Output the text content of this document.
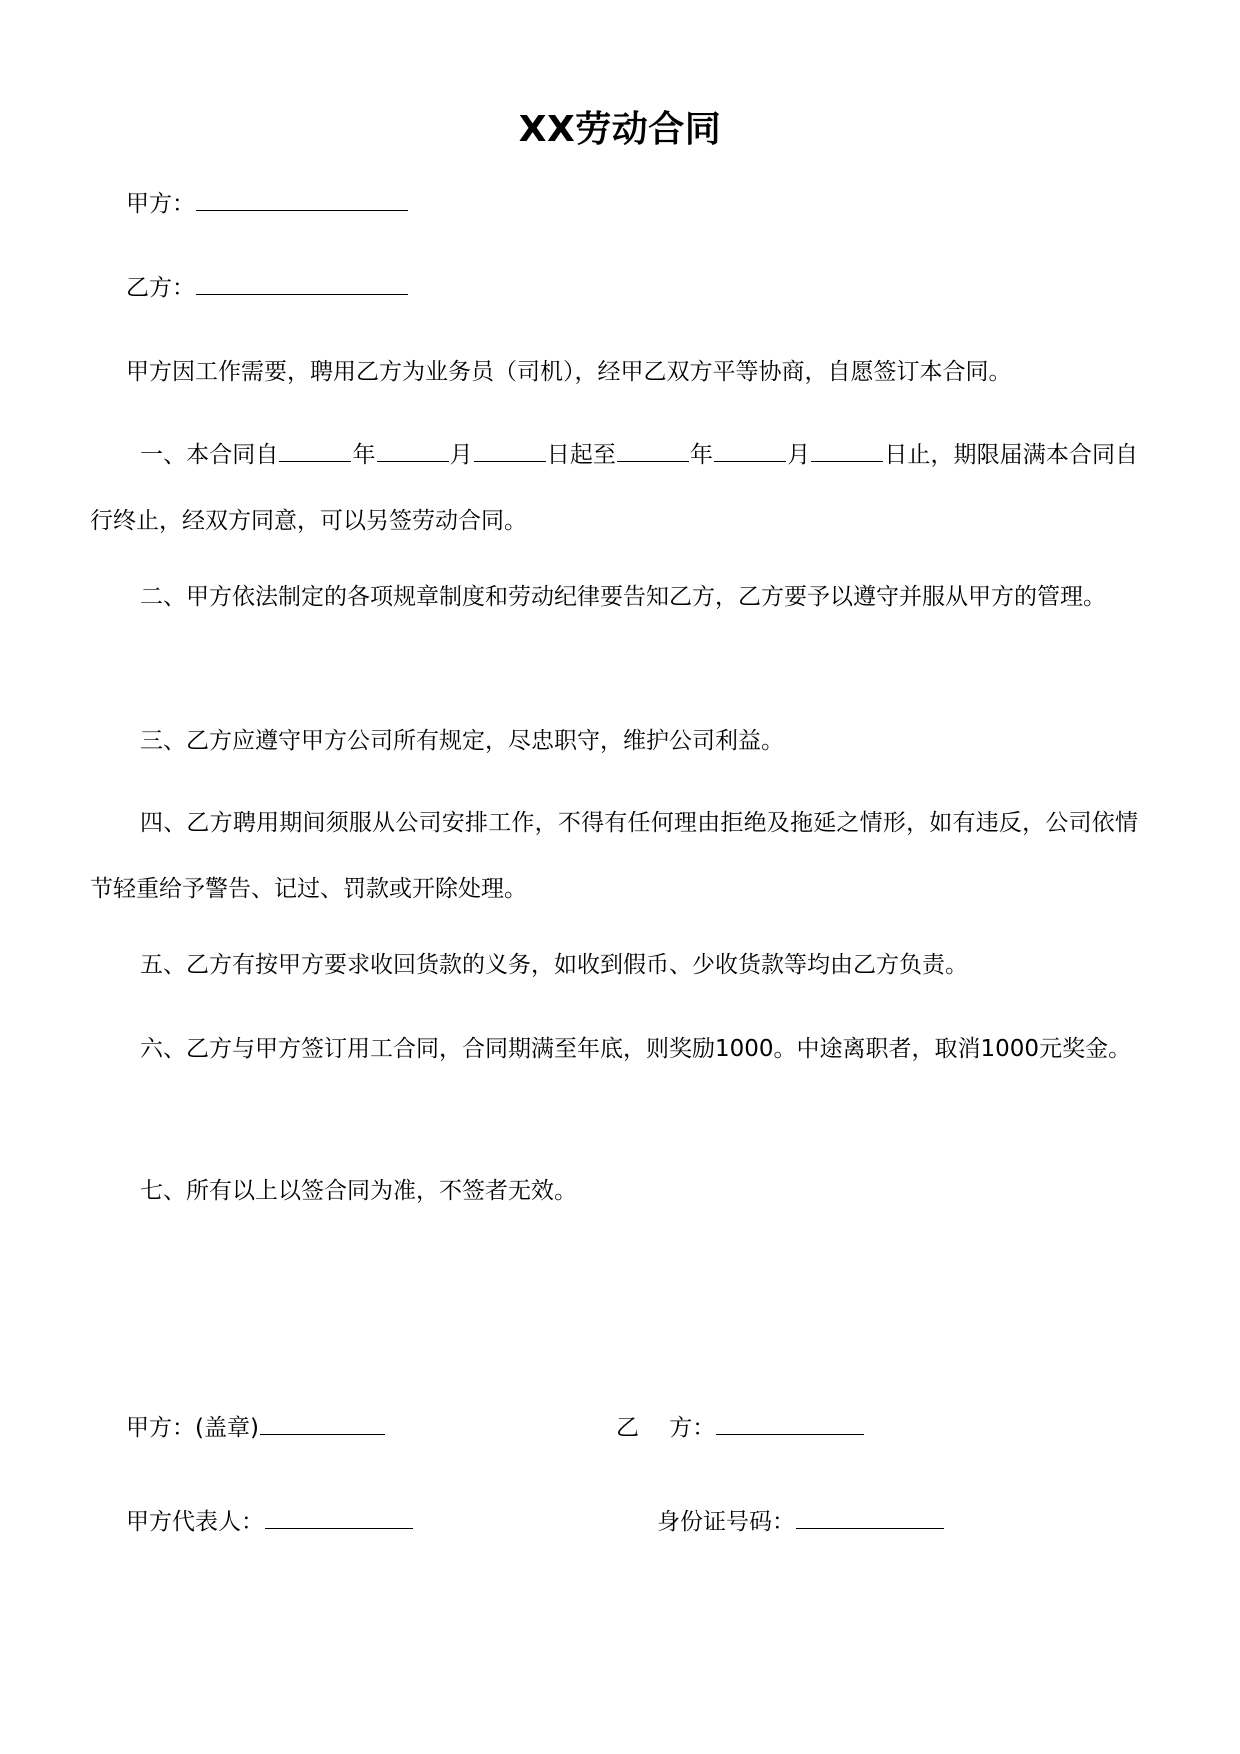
XX劳动合同
甲方：
乙方：
甲方因工作需要，聘用乙方为业务员（司机），经甲乙双方平等协商，自愿签订本合同。
一、本合同自	年	月	日起至	年	月	日止，期限届满本合同自行终止，经双方同意，可以另签劳动合同。
二、甲方依法制定的各项规章制度和劳动纪律要告知乙方，乙方要予以遵守并服从甲方的管理。
三、乙方应遵守甲方公司所有规定，尽忠职守，维护公司利益。
四、乙方聘用期间须服从公司安排工作，不得有任何理由拒绝及拖延之情形，如有违反，公司依情节轻重给予警告、记过、罚款或开除处理。
五、乙方有按甲方要求收回货款的义务，如收到假币、少收货款等均由乙方负责。
六、乙方与甲方签订用工合同，合同期满至年底，则奖励1000。中途离职者，取消1000元奖金。
七、所有以上以签合同为准，不签者无效。
甲方：(盖章)	乙　 方：
甲方代表人：	身份证号码：
